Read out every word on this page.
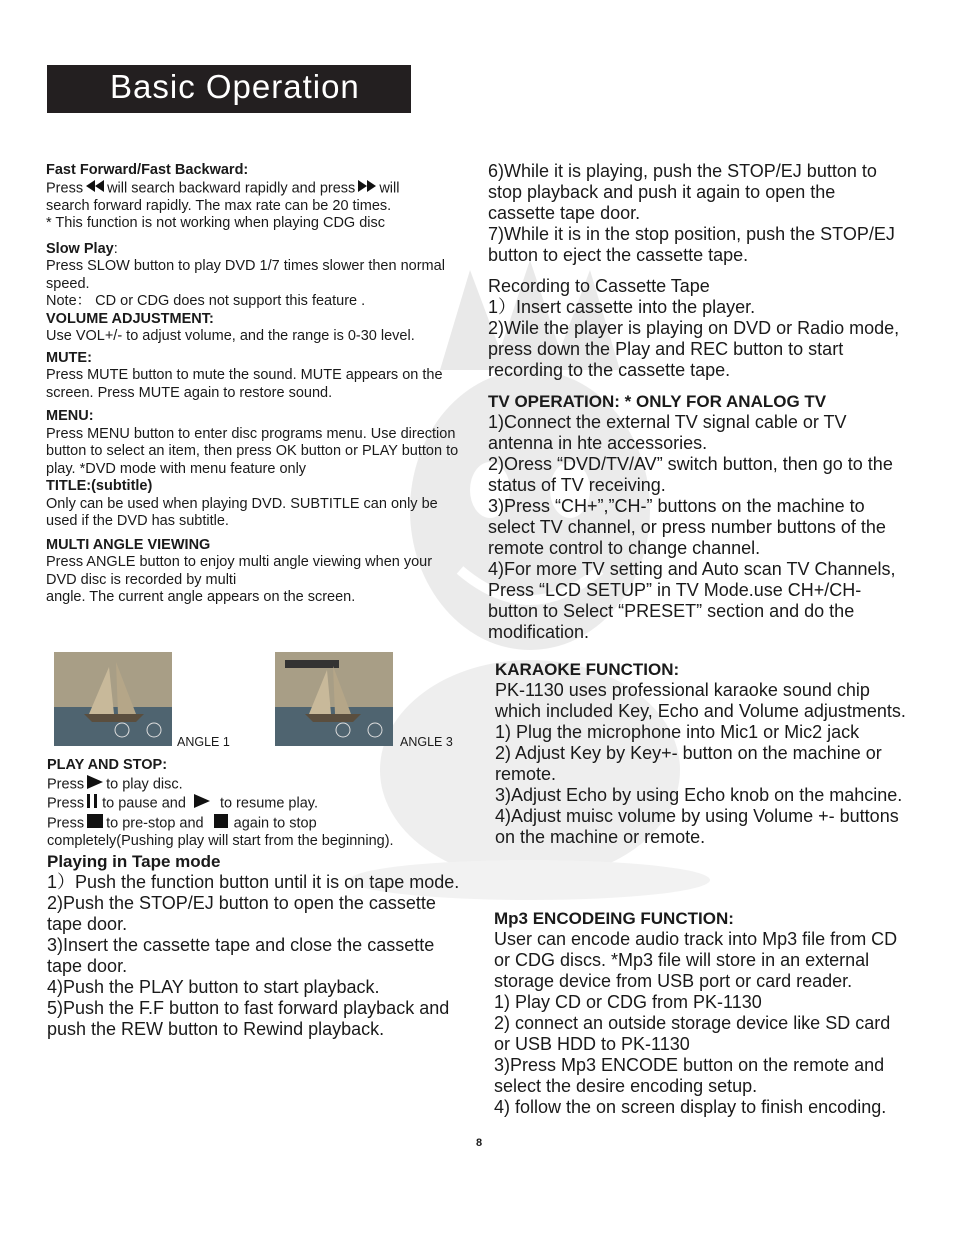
Basic Operation
Fast Forward/Fast Backward:
Press will search backward rapidly and press will
search forward rapidly. The max rate can be 20 times.
* This function is not working when playing CDG disc
Slow Play:
Press SLOW button to play DVD 1/7 times slower then normal speed.
Note： CD or CDG does not support this feature .
VOLUME ADJUSTMENT:
Use VOL+/- to adjust volume, and the range is 0-30 level.
MUTE:
Press MUTE button to mute the sound. MUTE appears on the screen. Press MUTE again to restore sound.
MENU:
Press MENU button to enter disc programs menu. Use direction button to select an item, then press OK button or PLAY button to play. *DVD mode with menu feature only
TITLE:(subtitle)
Only can be used when playing DVD. SUBTITLE can only be used if the DVD has subtitle.
MULTI ANGLE VIEWING
Press ANGLE button to enjoy multi angle viewing when your DVD disc is recorded by multi
angle. The current angle appears on the screen.
ANGLE 1	ANGLE 3
PLAY AND STOP:
Press to play disc.
Press to pause and to resume play.
Press to pre-stop and again to stop
completely(Pushing play will start from the beginning).
Playing in Tape mode
1）Push the function button until it is on tape mode.
2)Push the STOP/EJ button to open the cassette tape door.
3)Insert the cassette tape and close the cassette tape door.
4)Push the PLAY button to start playback.
5)Push the F.F button to fast forward playback and push the REW button to Rewind playback.
6)While it is playing, push the STOP/EJ button to stop playback and push it again to open the cassette tape door.
7)While it is in the stop position, push the STOP/EJ button to eject the cassette tape.
Recording to Cassette Tape
1）Insert cassette into the player.
2)Wile the player is playing on DVD or Radio mode, press down the Play and REC button to start recording to the cassette tape.
TV OPERATION: * ONLY FOR ANALOG TV
1)Connect the external TV signal cable or TV antenna in hte accessories.
2)Oress “DVD/TV/AV” switch button, then go to the status of TV receiving.
3)Press “CH+”,”CH-” buttons on the machine to select TV channel, or press number buttons of the remote control to change channel.
4)For more TV setting and Auto scan TV Channels, Press “LCD SETUP” in TV Mode.use CH+/CH- button to Select “PRESET” section and do the modification.
KARAOKE FUNCTION:
PK-1130 uses professional karaoke sound chip which included Key, Echo and Volume adjustments.
1) Plug the microphone into Mic1 or Mic2 jack
2) Adjust Key by Key+- button on the machine or remote.
3)Adjust Echo by using Echo knob on the mahcine.
4)Adjust muisc volume by using Volume +- buttons on the machine or remote.
Mp3 ENCODEING FUNCTION:
User can encode audio track into Mp3 file from CD or CDG discs. *Mp3 file will store in an external storage device from USB port or card reader.
1) Play CD or CDG from PK-1130
2) connect an outside storage device like SD card or USB HDD to PK-1130
3)Press Mp3 ENCODE button on the remote and select the desire encoding setup.
4) follow the on screen display to finish encoding.
8
